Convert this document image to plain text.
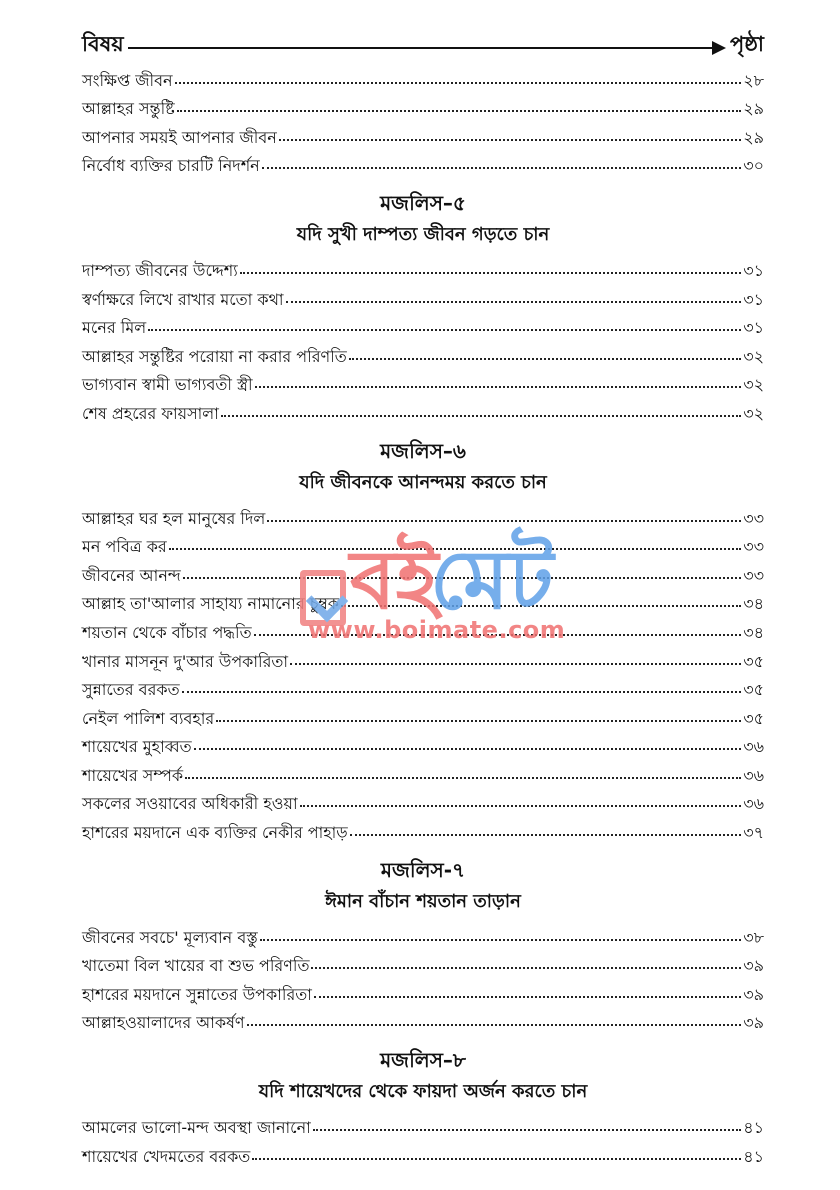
বিষয়	পৃষ্ঠা
সংক্ষিপ্ত জীবন	২৮
আল্লাহর সন্তুষ্টি	২৯
আপনার সময়ই আপনার জীবন	২৯
নির্বোধ ব্যক্তির চারটি নিদর্শন	৩০
মজলিস–৫
যদি সুখী দাম্পত্য জীবন গড়তে চান
দাম্পত্য জীবনের উদ্দেশ্য	৩১
স্বর্ণাক্ষরে লিখে রাখার মতো কথা	৩১
মনের মিল	৩১
আল্লাহর সন্তুষ্টির পরোয়া না করার পরিণতি	৩২
ভাগ্যবান স্বামী ভাগ্যবতী স্ত্রী	৩২
শেষ প্রহরের ফায়সালা	৩২
মজলিস–৬
যদি জীবনকে আনন্দময় করতে চান
আল্লাহর ঘর হল মানুষের দিল	৩৩
মন পবিত্র কর	৩৩
জীবনের আনন্দ	৩৩
আল্লাহ তা'আলার সাহায্য নামানোর চুম্বক	৩৪
শয়তান থেকে বাঁচার পদ্ধতি	৩৪
খানার মাসনূন দু'আর উপকারিতা	৩৫
সুন্নাতের বরকত	৩৫
নেইল পালিশ ব্যবহার	৩৫
শায়েখের মুহাব্বত	৩৬
শায়েখের সম্পর্ক	৩৬
সকলের সওয়াবের অধিকারী হওয়া	৩৬
হাশরের ময়দানে এক ব্যক্তির নেকীর পাহাড়	৩৭
মজলিস-৭
ঈমান বাঁচান শয়তান তাড়ান
জীবনের সবচে' মূল্যবান বস্তু	৩৮
খাতেমা বিল খায়ের বা শুভ পরিণতি	৩৯
হাশরের ময়দানে সুন্নাতের উপকারিতা	৩৯
আল্লাহওয়ালাদের আকর্ষণ	৩৯
মজলিস–৮
যদি শায়েখদের থেকে ফায়দা অর্জন করতে চান
আমলের ভালো-মন্দ অবস্থা জানানো	৪১
শায়েখের খেদমতের বরকত	৪১
বই
মেট
www.boimate.com
